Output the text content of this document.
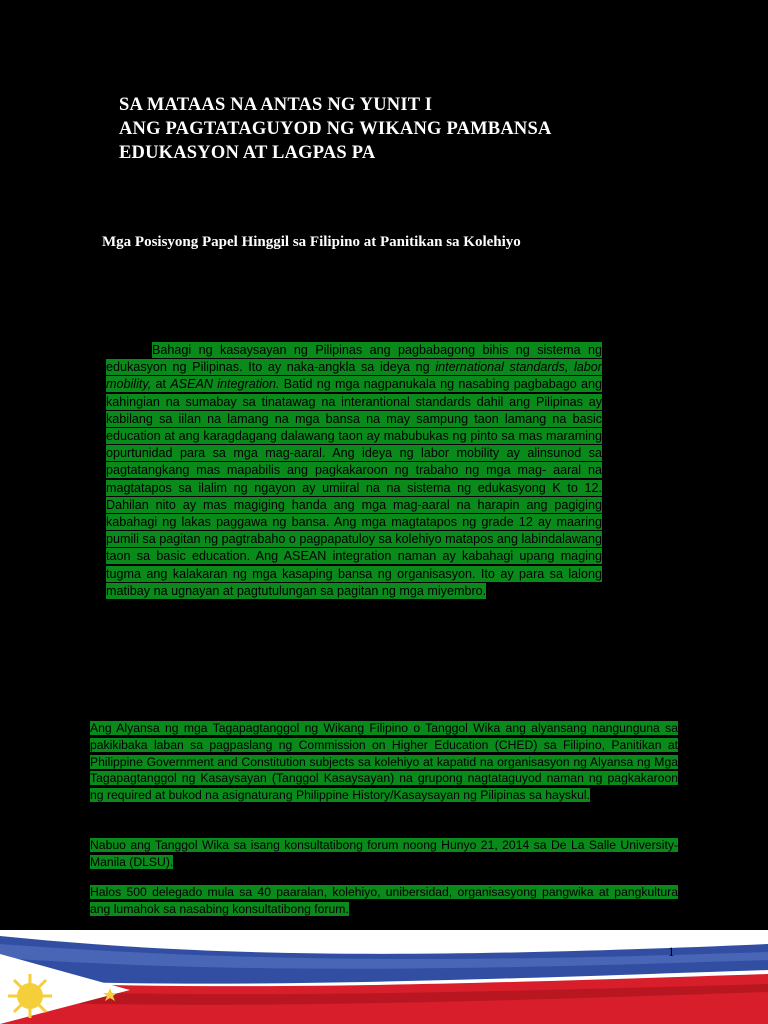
SA MATAAS NA ANTAS NG YUNIT I
ANG PAGTATAGUYOD NG WIKANG PAMBANSA
EDUKASYON AT LAGPAS PA
Mga Posisyong Papel Hinggil sa Filipino at Panitikan sa Kolehiyo
Bahagi ng kasaysayan ng Pilipinas ang pagbabagong bihis ng sistema ng edukasyon ng Pilipinas. Ito ay naka-angkla sa ideya ng international standards, labor mobility, at ASEAN integration. Batid ng mga nagpanukala ng nasabing pagbabago ang kahingian na sumabay sa tinatawag na interantional standards dahil ang Pilipinas ay kabilang sa iilan na lamang na mga bansa na may sampung taon lamang na basic education at ang karagdagang dalawang taon ay mabubukas ng pinto sa mas maraming opurtunidad para sa mga mag-aaral. Ang ideya ng labor mobility ay alinsunod sa pagtatangkang mas mapabilis ang pagkakaroon ng trabaho ng mga mag- aaral na magtatapos sa ilalim ng ngayon ay umiiral na na sistema ng edukasyong K to 12. Dahilan nito ay mas magiging handa ang mga mag-aaral na harapin ang pagiging kabahagi ng lakas paggawa ng bansa. Ang mga magtatapos ng grade 12 ay maaring pumili sa pagitan ng pagtrabaho o pagpapatuloy sa kolehiyo matapos ang labindalawang taon sa basic education. Ang ASEAN integration naman ay kabahagi upang maging tugma ang kalakaran ng mga kasaping bansa ng organisasyon. Ito ay para sa lalong matibay na ugnayan at pagtutulungan sa pagitan ng mga miyembro.
Ang Alyansa ng mga Tagapagtanggol ng Wikang Filipino o Tanggol Wika ang alyansang nangunguna sa pakikibaka laban sa pagpaslang ng Commission on Higher Education (CHED) sa Filipino, Panitikan at Philippine Government and Constitution subjects sa kolehiyo at kapatid na organisasyon ng Alyansa ng Mga Tagapagtanggol ng Kasaysayan (Tanggol Kasaysayan) na grupong nagtataguyod naman ng pagkakaroon ng required at bukod na asignaturang Philippine History/Kasaysayan ng Pilipinas sa hayskul.
Nabuo ang Tanggol Wika sa isang konsultatibong forum noong Hunyo 21, 2014 sa De La Salle University-Manila (DLSU).
Halos 500 delegado mula sa 40 paaralan, kolehiyo, unibersidad, organisasyong pangwika at pangkultura ang lumahok sa nasabing konsultatibong forum.
1
